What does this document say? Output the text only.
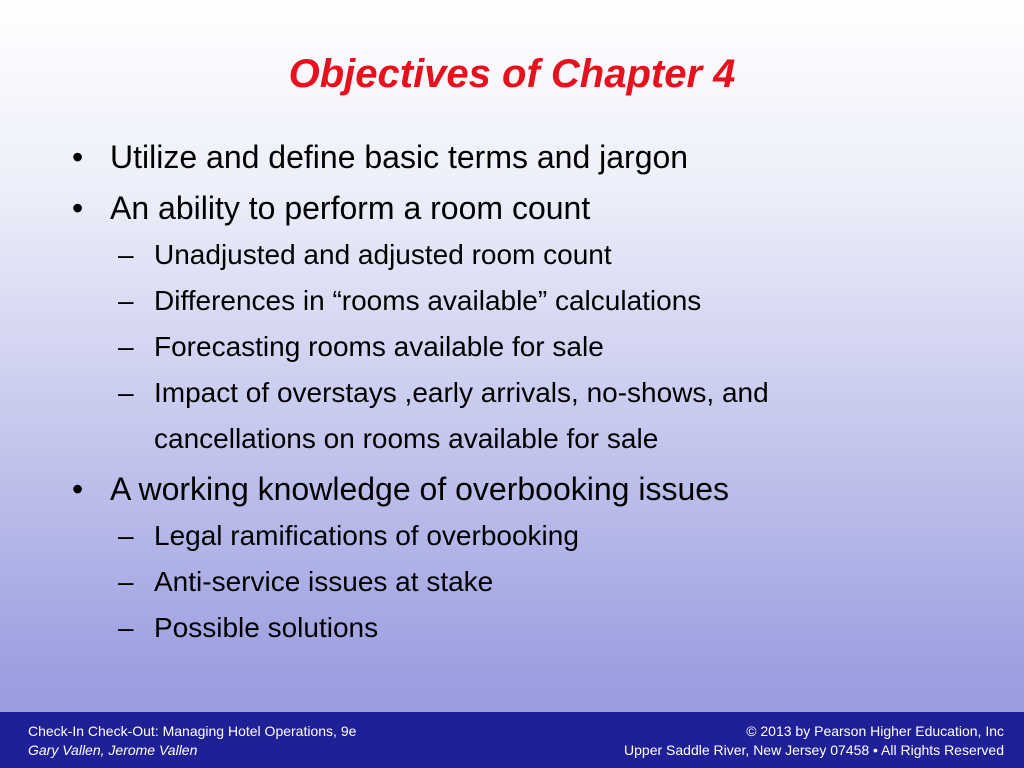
Objectives of Chapter 4
• Utilize and define basic terms and jargon
• An ability to perform a room count
– Unadjusted and adjusted room count
– Differences in “rooms available” calculations
– Forecasting rooms available for sale
– Impact of overstays ,early arrivals, no-shows, and
cancellations on rooms available for sale
• A working knowledge of overbooking issues
– Legal ramifications of overbooking
– Anti-service issues at stake
– Possible solutions
Check-In Check-Out: Managing Hotel Operations, 9e
Gary Vallen, Jerome Vallen
© 2013 by Pearson Higher Education, Inc
Upper Saddle River, New Jersey 07458 • All Rights Reserved
